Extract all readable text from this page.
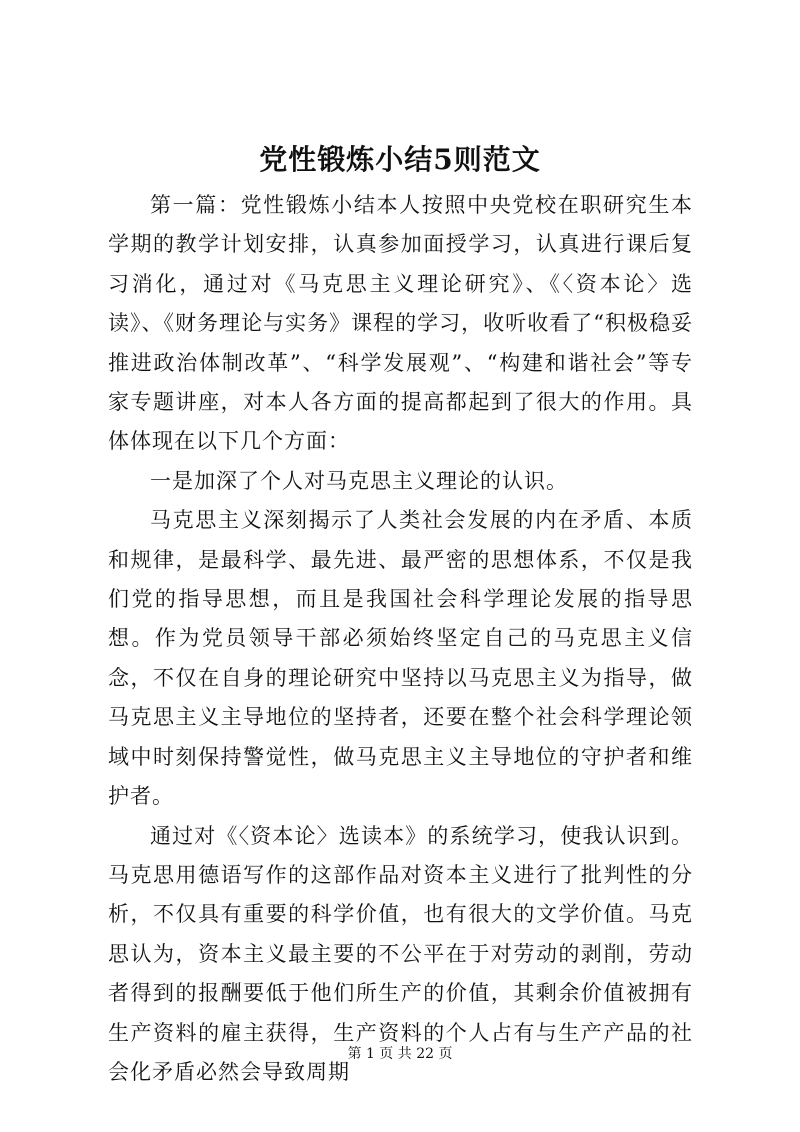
党性锻炼小结5则范文

第一篇：党性锻炼小结本人按照中央党校在职研究生本学期的教学计划安排，认真参加面授学习，认真进行课后复习消化，通过对《马克思主义理论研究》、《〈资本论〉选读》、《财务理论与实务》课程的学习，收听收看了“积极稳妥推进政治体制改革”、“科学发展观”、“构建和谐社会”等专家专题讲座，对本人各方面的提高都起到了很大的作用。具体体现在以下几个方面：

一是加深了个人对马克思主义理论的认识。

马克思主义深刻揭示了人类社会发展的内在矛盾、本质和规律，是最科学、最先进、最严密的思想体系，不仅是我们党的指导思想，而且是我国社会科学理论发展的指导思想。作为党员领导干部必须始终坚定自己的马克思主义信念，不仅在自身的理论研究中坚持以马克思主义为指导，做马克思主义主导地位的坚持者，还要在整个社会科学理论领域中时刻保持警觉性，做马克思主义主导地位的守护者和维护者。

通过对《〈资本论〉选读本》的系统学习，使我认识到。马克思用德语写作的这部作品对资本主义进行了批判性的分析，不仅具有重要的科学价值，也有很大的文学价值。马克思认为，资本主义最主要的不公平在于对劳动的剥削，劳动者得到的报酬要低于他们所生产的价值，其剩余价值被拥有生产资料的雇主获得，生产资料的个人占有与生产产品的社会化矛盾必然会导致周期

第 1 页 共 22 页
